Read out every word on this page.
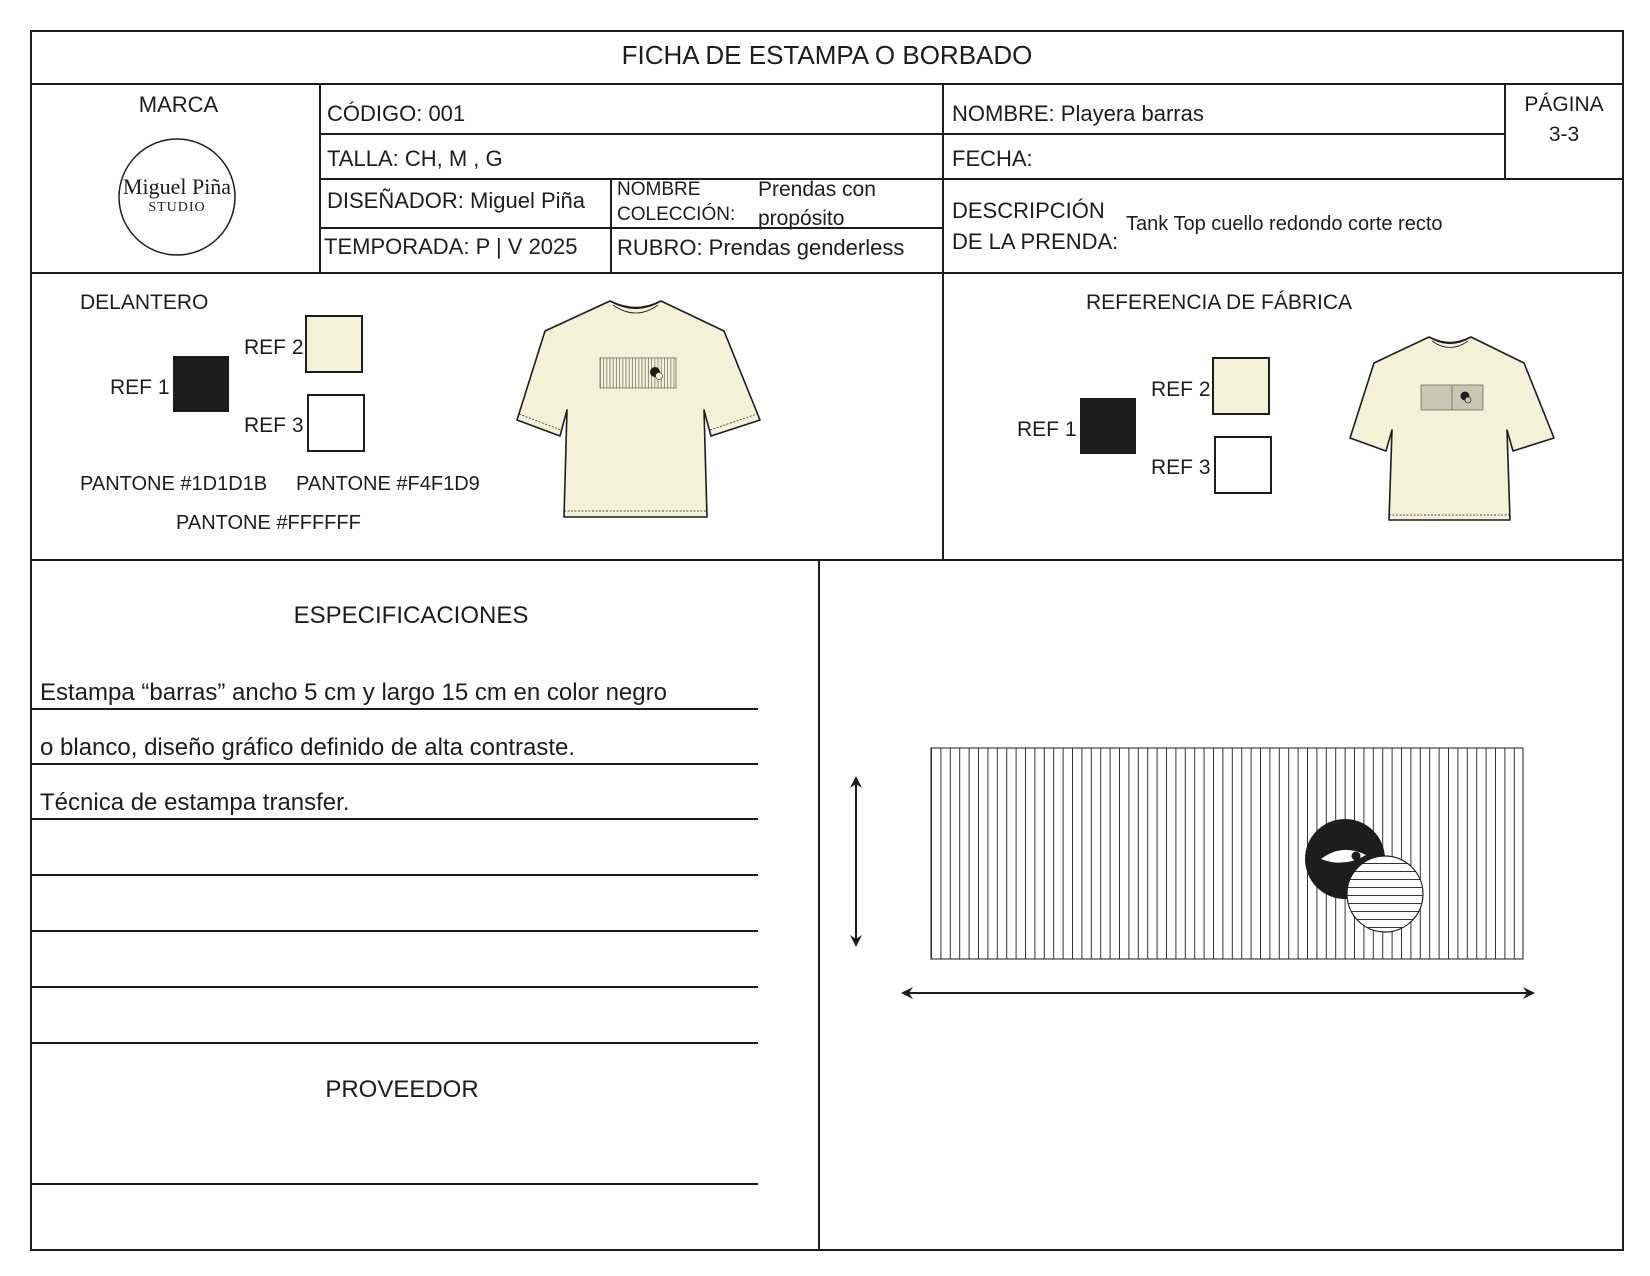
FICHA DE ESTAMPA O BORBADO
MARCA
Miguel Piña
STUDIO
CÓDIGO: 001	NOMBRE: Playera barras	PÁGINA
3-3
TALLA: CH, M , G	FECHA:
DISEÑADOR: Miguel Piña NOMBRE
COLECCIÓN:
Prendas con
propósito
TEMPORADA: P | V 2025 RUBRO: Prendas genderless
DESCRIPCIÓN
DE LA PRENDA:
Tank Top cuello redondo corte recto
DELANTERO
REF 1
REF 2
REF 3
PANTONE #1D1D1B PANTONE #F4F1D9
PANTONE #FFFFFF
REFERENCIA DE FÁBRICA
REF 1
REF 2
REF 3
ESPECIFICACIONES
Estampa “barras” ancho 5 cm y largo 15 cm en color negro
o blanco, diseño gráfico definido de alta contraste.
Técnica de estampa transfer.
PROVEEDOR
